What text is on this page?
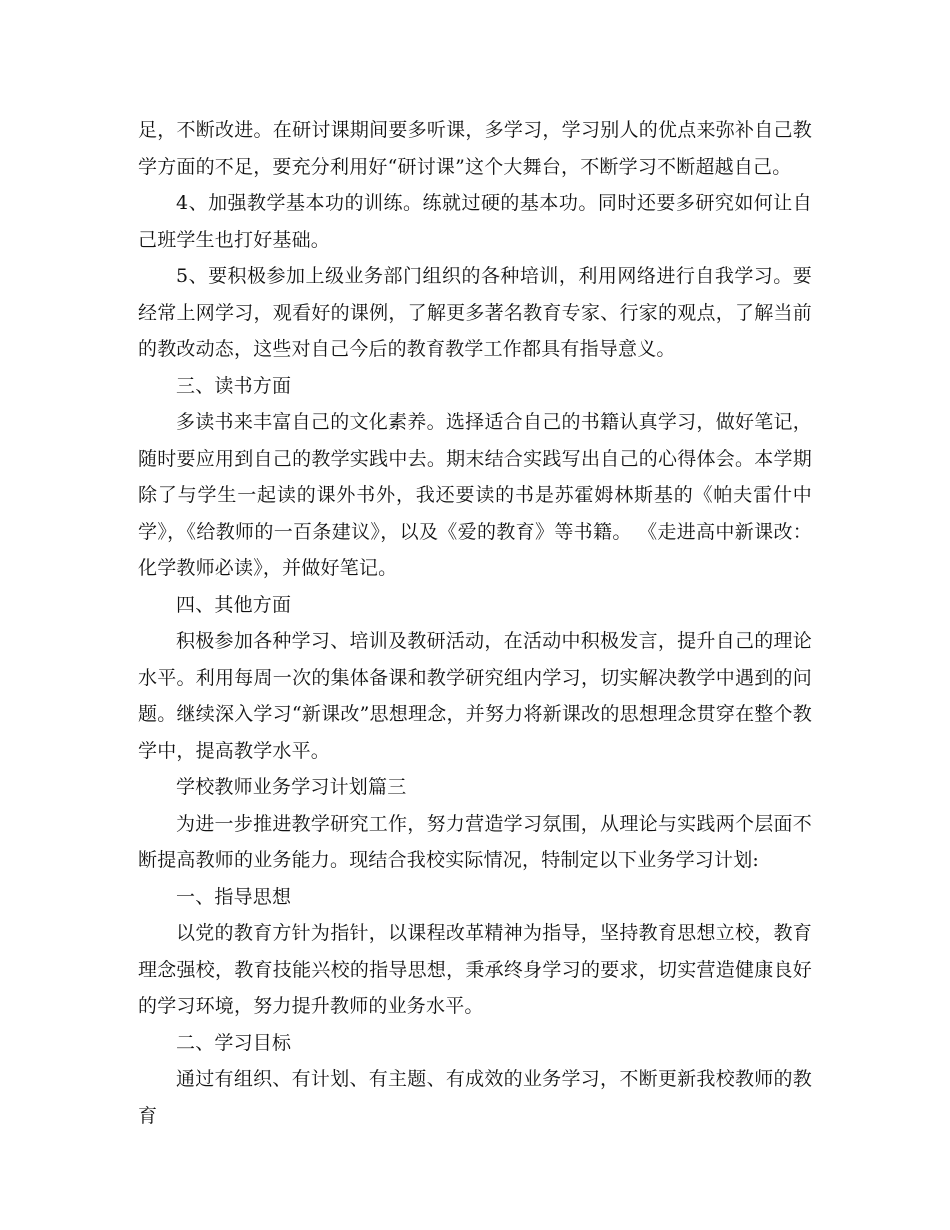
足，不断改进。在研讨课期间要多听课，多学习，学习别人的优点来弥补自己教学方面的不足，要充分利用好“研讨课”这个大舞台，不断学习不断超越自己。

4、加强教学基本功的训练。练就过硬的基本功。同时还要多研究如何让自己班学生也打好基础。

5、要积极参加上级业务部门组织的各种培训，利用网络进行自我学习。要经常上网学习，观看好的课例，了解更多著名教育专家、行家的观点，了解当前的教改动态，这些对自己今后的教育教学工作都具有指导意义。

三、读书方面

多读书来丰富自己的文化素养。选择适合自己的书籍认真学习，做好笔记，随时要应用到自己的教学实践中去。期末结合实践写出自己的心得体会。本学期除了与学生一起读的课外书外，我还要读的书是苏霍姆林斯基的《帕夫雷什中学》，《给教师的一百条建议》，以及《爱的教育》等书籍。 《走进高中新课改：化学教师必读》，并做好笔记。

四、其他方面

积极参加各种学习、培训及教研活动，在活动中积极发言，提升自己的理论水平。利用每周一次的集体备课和教学研究组内学习，切实解决教学中遇到的问题。继续深入学习“新课改”思想理念，并努力将新课改的思想理念贯穿在整个教学中，提高教学水平。

学校教师业务学习计划篇三

为进一步推进教学研究工作，努力营造学习氛围，从理论与实践两个层面不断提高教师的业务能力。现结合我校实际情况，特制定以下业务学习计划:

一、指导思想

以党的教育方针为指针，以课程改革精神为指导，坚持教育思想立校，教育理念强校，教育技能兴校的指导思想，秉承终身学习的要求，切实营造健康良好的学习环境，努力提升教师的业务水平。

二、学习目标

通过有组织、有计划、有主题、有成效的业务学习，不断更新我校教师的教育
